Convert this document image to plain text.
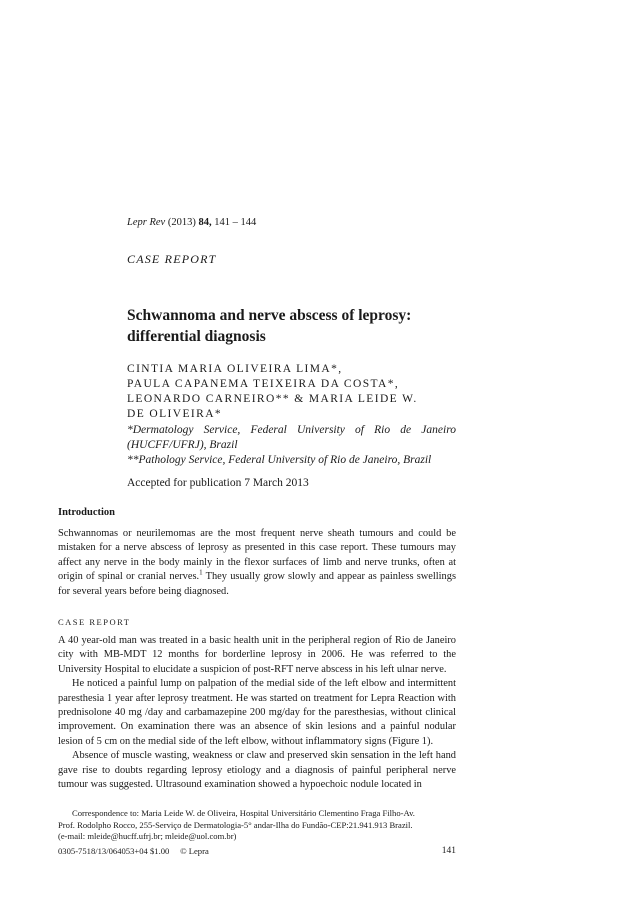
Lepr Rev (2013) 84, 141 – 144
CASE REPORT
Schwannoma and nerve abscess of leprosy:
differential diagnosis
CINTIA MARIA OLIVEIRA LIMA*,
PAULA CAPANEMA TEIXEIRA DA COSTA*,
LEONARDO CARNEIRO** & MARIA LEIDE W.
DE OLIVEIRA*
*Dermatology Service, Federal University of Rio de Janeiro
(HUCFF/UFRJ), Brazil
**Pathology Service, Federal University of Rio de Janeiro, Brazil
Accepted for publication 7 March 2013
Introduction

Schwannomas or neurilemomas are the most frequent nerve sheath tumours and could be mistaken for a nerve abscess of leprosy as presented in this case report. These tumours may affect any nerve in the body mainly in the flexor surfaces of limb and nerve trunks, often at origin of spinal or cranial nerves.$^1$ They usually grow slowly and appear as painless swellings for several years before being diagnosed.

CASE REPORT

A 40 year-old man was treated in a basic health unit in the peripheral region of Rio de Janeiro city with MB-MDT 12 months for borderline leprosy in 2006. He was referred to the University Hospital to elucidate a suspicion of post-RFT nerve abscess in his left ulnar nerve.

He noticed a painful lump on palpation of the medial side of the left elbow and intermittent paresthesia 1 year after leprosy treatment. He was started on treatment for Lepra Reaction with prednisolone 40 mg /day and carbamazepine 200 mg/day for the paresthesias, without clinical improvement. On examination there was an absence of skin lesions and a painful nodular lesion of 5 cm on the medial side of the left elbow, without inflammatory signs (Figure 1).

Absence of muscle wasting, weakness or claw and preserved skin sensation in the left hand gave rise to doubts regarding leprosy etiology and a diagnosis of painful peripheral nerve tumour was suggested. Ultrasound examination showed a hypoechoic nodule located in

Correspondence to: Maria Leide W. de Oliveira, Hospital Universitário Clementino Fraga Filho-Av.

Prof. Rodolpho Rocco, 255-Serviço de Dermatologia-5° andar-Ilha do Fundão-CEP:21.941.913 Brazil.

(e-mail: mleide@hucff.ufrj.br; mleide@uol.com.br)

0305-7518/13/064053+04 $1.00 © Lepra	141
